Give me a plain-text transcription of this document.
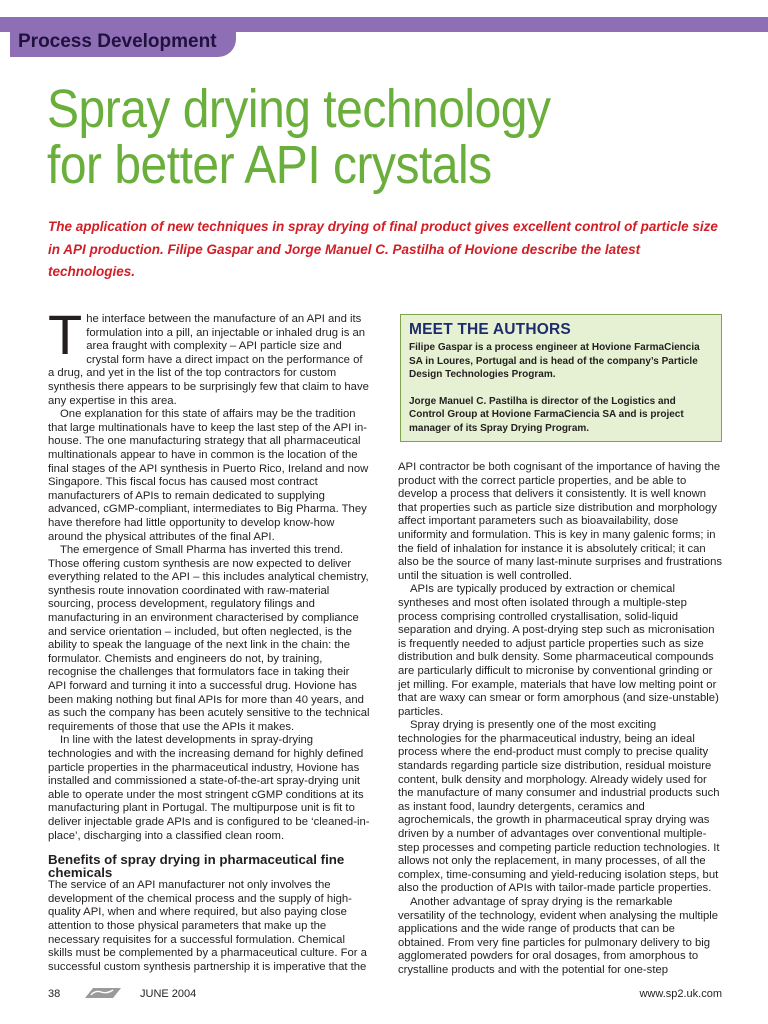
Process Development
Spray drying technology
for better API crystals

The application of new techniques in spray drying of final product gives excellent control of particle size in API production. Filipe Gaspar and Jorge Manuel C. Pastilha of Hovione describe the latest technologies.

T he interface between the manufacture of an API and its formulation into a pill, an injectable or inhaled drug is an area fraught with complexity – API particle size and crystal form have a direct impact on the performance of a drug, and yet in the list of the top contractors for custom synthesis there appears to be surprisingly few that claim to have any expertise in this area.

One explanation for this state of affairs may be the tradition that large multinationals have to keep the last step of the API in-house. The one manufacturing strategy that all pharmaceutical multinationals appear to have in common is the location of the final stages of the API synthesis in Puerto Rico, Ireland and now Singapore. This fiscal focus has caused most contract manufacturers of APIs to remain dedicated to supplying advanced, cGMP-compliant, intermediates to Big Pharma. They have therefore had little opportunity to develop know-how around the physical attributes of the final API.

The emergence of Small Pharma has inverted this trend. Those offering custom synthesis are now expected to deliver everything related to the API – this includes analytical chemistry, synthesis route innovation coordinated with raw-material sourcing, process development, regulatory filings and manufacturing in an environment characterised by compliance and service orientation – included, but often neglected, is the ability to speak the language of the next link in the chain: the formulator. Chemists and engineers do not, by training, recognise the challenges that formulators face in taking their API forward and turning it into a successful drug. Hovione has been making nothing but final APIs for more than 40 years, and as such the company has been acutely sensitive to the technical requirements of those that use the APIs it makes.

In line with the latest developments in spray-drying technologies and with the increasing demand for highly defined particle properties in the pharmaceutical industry, Hovione has installed and commissioned a state-of-the-art spray-drying unit able to operate under the most stringent cGMP conditions at its manufacturing plant in Portugal. The multipurpose unit is fit to deliver injectable grade APIs and is configured to be ‘cleaned-in-place’, discharging into a classified clean room.

Benefits of spray drying in pharmaceutical fine chemicals

The service of an API manufacturer not only involves the development of the chemical process and the supply of high-quality API, when and where required, but also paying close attention to those physical parameters that make up the necessary requisites for a successful formulation. Chemical skills must be complemented by a pharmaceutical culture. For a successful custom synthesis partnership it is imperative that the

MEET THE AUTHORS

Filipe Gaspar is a process engineer at Hovione FarmaCiencia SA in Loures, Portugal and is head of the company’s Particle Design Technologies Program.

Jorge Manuel C. Pastilha is director of the Logistics and Control Group at Hovione FarmaCiencia SA and is project manager of its Spray Drying Program.

API contractor be both cognisant of the importance of having the product with the correct particle properties, and be able to develop a process that delivers it consistently. It is well known that properties such as particle size distribution and morphology affect important parameters such as bioavailability, dose uniformity and formulation. This is key in many galenic forms; in the field of inhalation for instance it is absolutely critical; it can also be the source of many last-minute surprises and frustrations until the situation is well controlled.

APIs are typically produced by extraction or chemical syntheses and most often isolated through a multiple-step process comprising controlled crystallisation, solid-liquid separation and drying. A post-drying step such as micronisation is frequently needed to adjust particle properties such as size distribution and bulk density. Some pharmaceutical compounds are particularly difficult to micronise by conventional grinding or jet milling. For example, materials that have low melting point or that are waxy can smear or form amorphous (and size-unstable) particles.

Spray drying is presently one of the most exciting technologies for the pharmaceutical industry, being an ideal process where the end-product must comply to precise quality standards regarding particle size distribution, residual moisture content, bulk density and morphology. Already widely used for the manufacture of many consumer and industrial products such as instant food, laundry detergents, ceramics and agrochemicals, the growth in pharmaceutical spray drying was driven by a number of advantages over conventional multiple-step processes and competing particle reduction technologies. It allows not only the replacement, in many processes, of all the complex, time-consuming and yield-reducing isolation steps, but also the production of APIs with tailor-made particle properties.

Another advantage of spray drying is the remarkable versatility of the technology, evident when analysing the multiple applications and the wide range of products that can be obtained. From very fine particles for pulmonary delivery to big agglomerated powders for oral dosages, from amorphous to crystalline products and with the potential for one-step

38	JUNE 2004	www.sp2.uk.com
